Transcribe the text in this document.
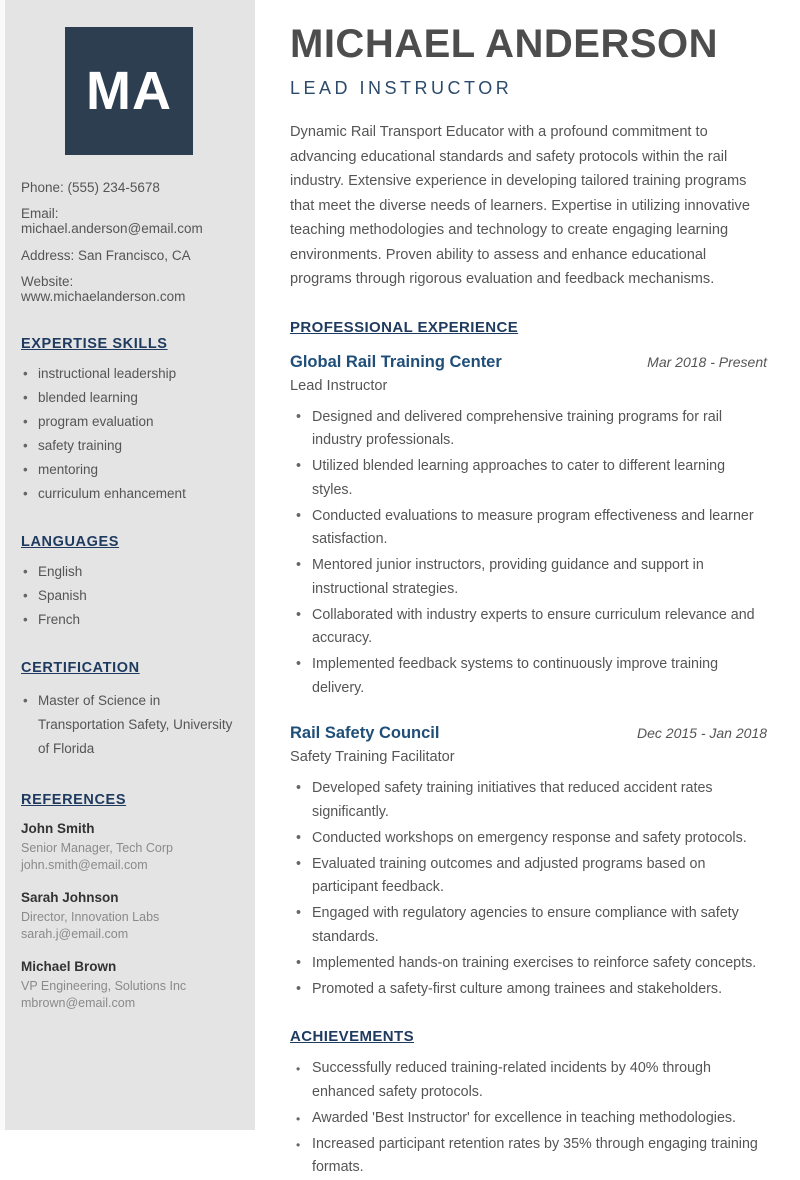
MA
Phone: (555) 234-5678
Email: michael.anderson@email.com
Address: San Francisco, CA
Website: www.michaelanderson.com
EXPERTISE SKILLS
• instructional leadership
• blended learning
• program evaluation
• safety training
• mentoring
• curriculum enhancement
LANGUAGES
• English
• Spanish
• French
CERTIFICATION
• Master of Science in Transportation Safety, University of Florida
REFERENCES
John Smith
Senior Manager, Tech Corp
john.smith@email.com
Sarah Johnson
Director, Innovation Labs
sarah.j@email.com
Michael Brown
VP Engineering, Solutions Inc
mbrown@email.com
MICHAEL ANDERSON
LEAD INSTRUCTOR

Dynamic Rail Transport Educator with a profound commitment to advancing educational standards and safety protocols within the rail industry. Extensive experience in developing tailored training programs that meet the diverse needs of learners. Expertise in utilizing innovative teaching methodologies and technology to create engaging learning environments. Proven ability to assess and enhance educational programs through rigorous evaluation and feedback mechanisms.

PROFESSIONAL EXPERIENCE
Global Rail Training Center	Mar 2018 - Present
Lead Instructor
• Designed and delivered comprehensive training programs for rail industry professionals.
• Utilized blended learning approaches to cater to different learning styles.
• Conducted evaluations to measure program effectiveness and learner satisfaction.
• Mentored junior instructors, providing guidance and support in instructional strategies.
• Collaborated with industry experts to ensure curriculum relevance and accuracy.
• Implemented feedback systems to continuously improve training delivery.
Rail Safety Council	Dec 2015 - Jan 2018
Safety Training Facilitator
• Developed safety training initiatives that reduced accident rates significantly.
• Conducted workshops on emergency response and safety protocols.
• Evaluated training outcomes and adjusted programs based on participant feedback.
• Engaged with regulatory agencies to ensure compliance with safety standards.
• Implemented hands-on training exercises to reinforce safety concepts.
• Promoted a safety-first culture among trainees and stakeholders.
ACHIEVEMENTS
• Successfully reduced training-related incidents by 40% through enhanced safety protocols.
• Awarded 'Best Instructor' for excellence in teaching methodologies.
• Increased participant retention rates by 35% through engaging training formats.
